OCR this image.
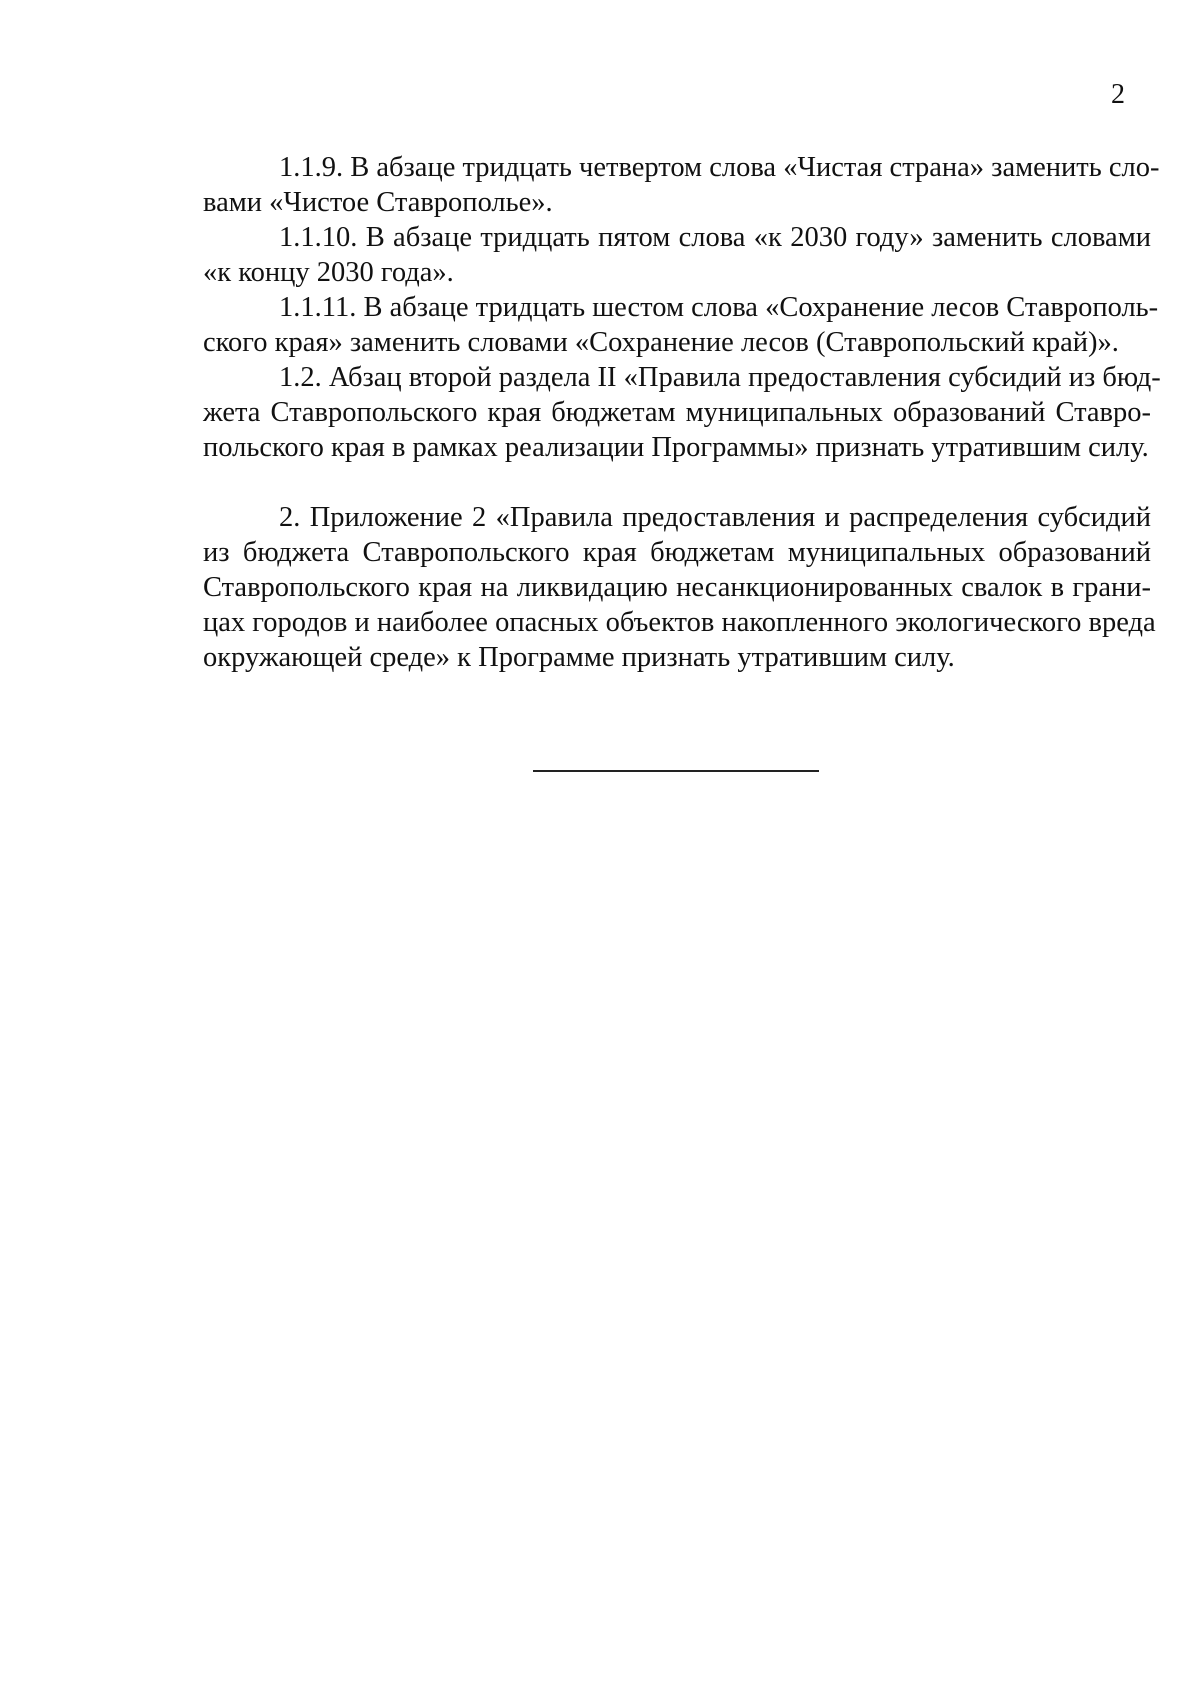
2

1.1.9. В абзаце тридцать четвертом слова «Чистая страна» заменить сло-
вами «Чистое Ставрополье».

1.1.10. В абзаце тридцать пятом слова «к 2030 году» заменить словами
«к концу 2030 года».

1.1.11. В абзаце тридцать шестом слова «Сохранение лесов Ставрополь-
ского края» заменить словами «Сохранение лесов (Ставропольский край)».

1.2. Абзац второй раздела II «Правила предоставления субсидий из бюд-
жета Ставропольского края бюджетам муниципальных образований Ставро-
польского края в рамках реализации Программы» признать утратившим силу.

2. Приложение 2 «Правила предоставления и распределения субсидий
из бюджета Ставропольского края бюджетам муниципальных образований
Ставропольского края на ликвидацию несанкционированных свалок в грани-
цах городов и наиболее опасных объектов накопленного экологического вреда
окружающей среде» к Программе признать утратившим силу.
